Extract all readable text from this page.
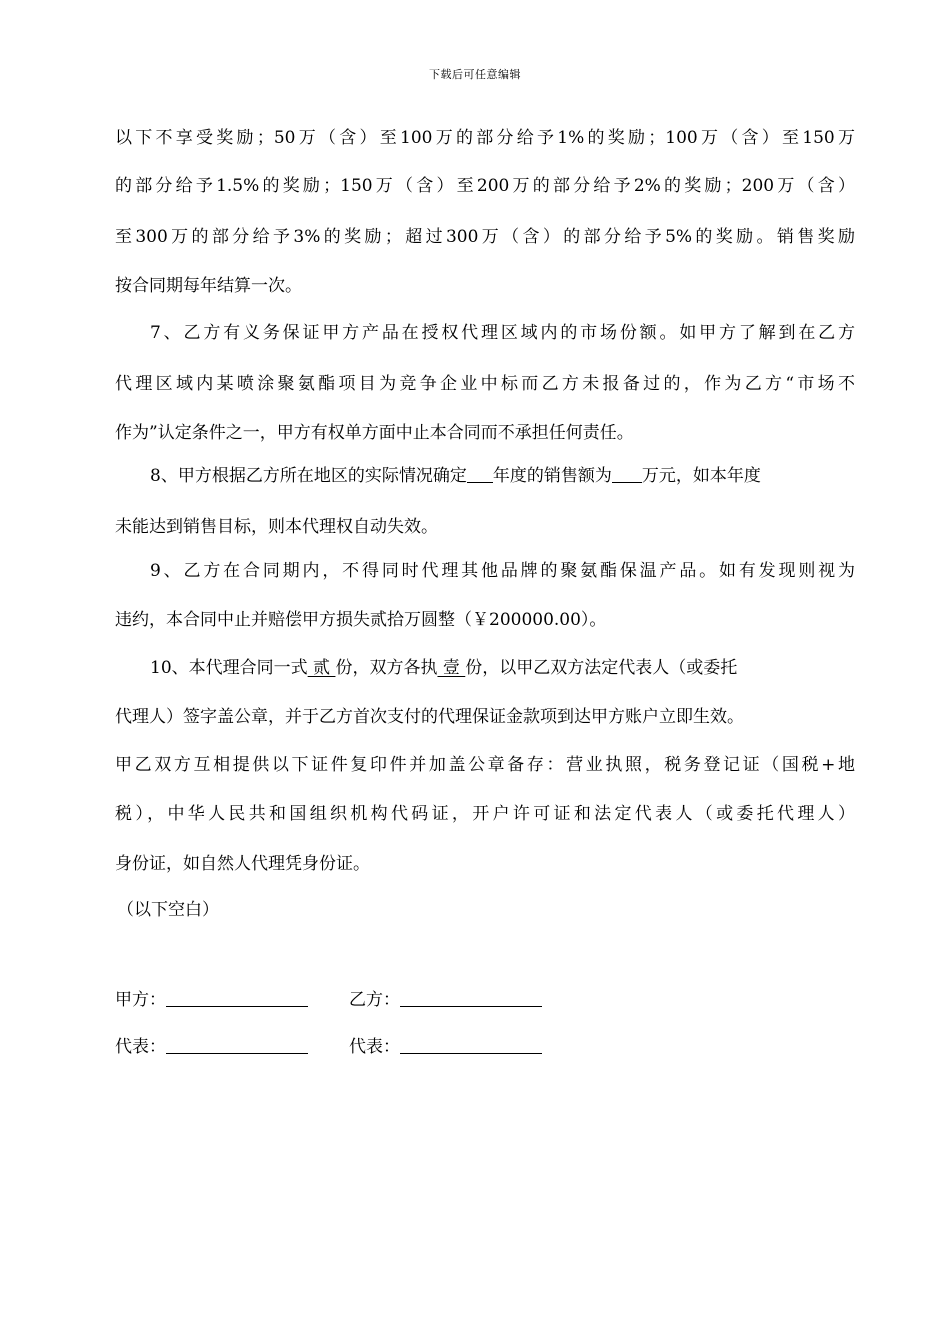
下载后可任意编辑
以下不享受奖励；50万（含）至100万的部分给予1%的奖励；100万（含）至150万
的部分给予1.5%的奖励；150万（含）至200万的部分给予2%的奖励；200万（含）
至300万的部分给予3%的奖励；超过300万（含）的部分给予5%的奖励。销售奖励
按合同期每年结算一次。
7、乙方有义务保证甲方产品在授权代理区域内的市场份额。如甲方了解到在乙方
代理区域内某喷涂聚氨酯项目为竞争企业中标而乙方未报备过的，作为乙方“市场不
作为”认定条件之一，甲方有权单方面中止本合同而不承担任何责任。
8、甲方根据乙方所在地区的实际情况确定 年度的销售额为 万元，如本年度
未能达到销售目标，则本代理权自动失效。
9、乙方在合同期内，不得同时代理其他品牌的聚氨酯保温产品。如有发现则视为
违约，本合同中止并赔偿甲方损失贰拾万圆整（￥200000.00）。
10、本代理合同一式 贰 份，双方各执 壹 份，以甲乙双方法定代表人（或委托
代理人）签字盖公章，并于乙方首次支付的代理保证金款项到达甲方账户立即生效。
甲乙双方互相提供以下证件复印件并加盖公章备存：营业执照，税务登记证（国税+地
税），中华人民共和国组织机构代码证，开户许可证和法定代表人（或委托代理人）
身份证，如自然人代理凭身份证。
（以下空白）
甲方：	乙方：
代表：	代表：
